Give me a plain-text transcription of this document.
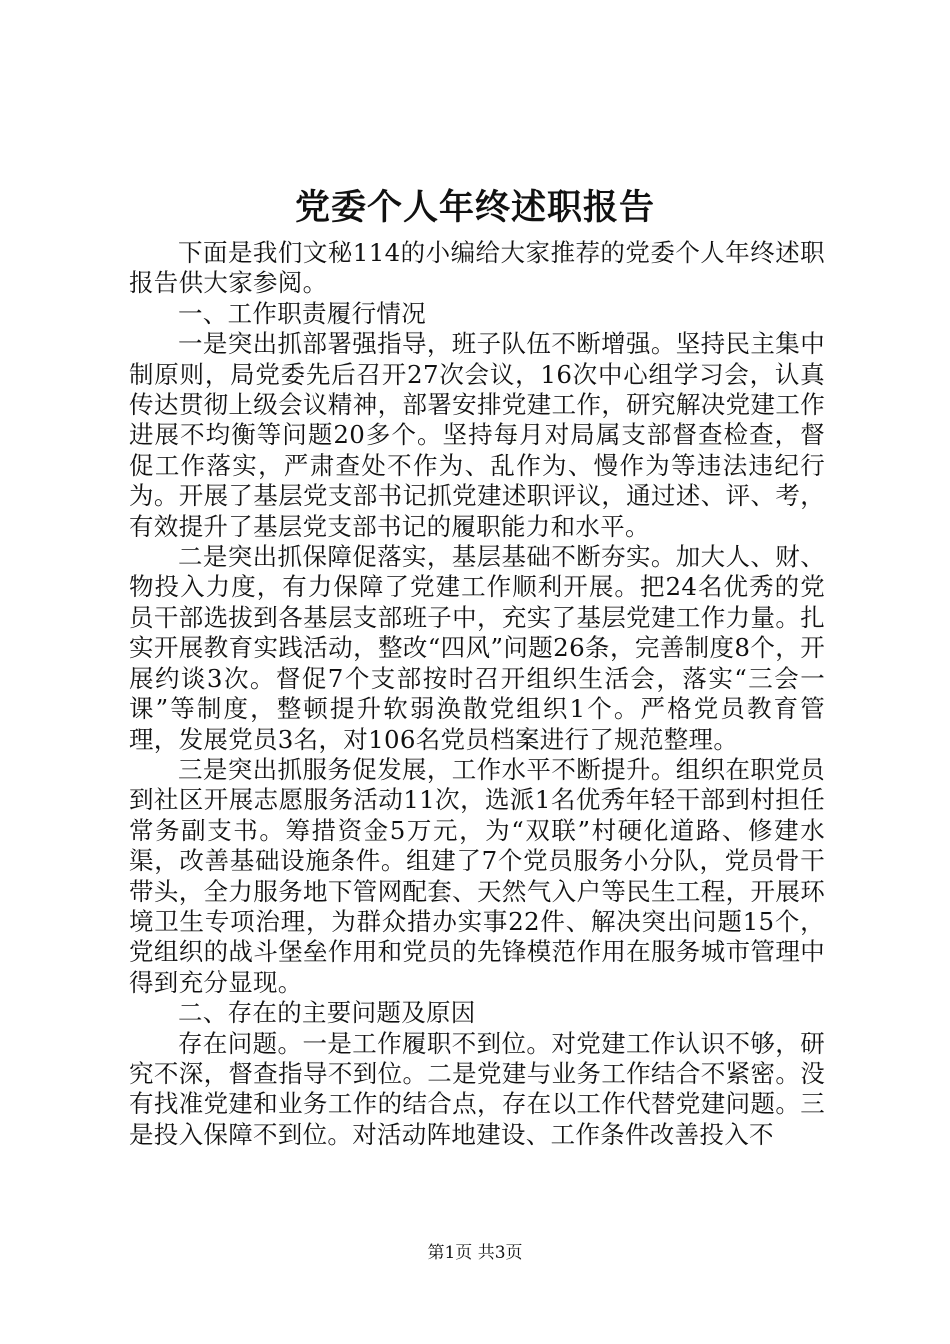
党委个人年终述职报告

下面是我们文秘114的小编给大家推荐的党委个人年终述职报告供大家参阅。

一、工作职责履行情况

一是突出抓部署强指导，班子队伍不断增强。坚持民主集中制原则，局党委先后召开27次会议，16次中心组学习会，认真传达贯彻上级会议精神，部署安排党建工作，研究解决党建工作进展不均衡等问题20多个。坚持每月对局属支部督查检查，督促工作落实，严肃查处不作为、乱作为、慢作为等违法违纪行为。开展了基层党支部书记抓党建述职评议，通过述、评、考，有效提升了基层党支部书记的履职能力和水平。

二是突出抓保障促落实，基层基础不断夯实。加大人、财、物投入力度，有力保障了党建工作顺利开展。把24名优秀的党员干部选拔到各基层支部班子中，充实了基层党建工作力量。扎实开展教育实践活动，整改“四风”问题26条，完善制度8个，开展约谈3次。督促7个支部按时召开组织生活会，落实“三会一课”等制度，整顿提升软弱涣散党组织1个。严格党员教育管理，发展党员3名，对106名党员档案进行了规范整理。

三是突出抓服务促发展，工作水平不断提升。组织在职党员到社区开展志愿服务活动11次，选派1名优秀年轻干部到村担任常务副支书。筹措资金5万元，为“双联”村硬化道路、修建水渠，改善基础设施条件。组建了7个党员服务小分队，党员骨干带头，全力服务地下管网配套、天然气入户等民生工程，开展环境卫生专项治理，为群众措办实事22件、解决突出问题15个，党组织的战斗堡垒作用和党员的先锋模范作用在服务城市管理中得到充分显现。

二、存在的主要问题及原因

存在问题。一是工作履职不到位。对党建工作认识不够，研究不深，督查指导不到位。二是党建与业务工作结合不紧密。没有找准党建和业务工作的结合点，存在以工作代替党建问题。三是投入保障不到位。对活动阵地建设、工作条件改善投入不

第1页 共3页
